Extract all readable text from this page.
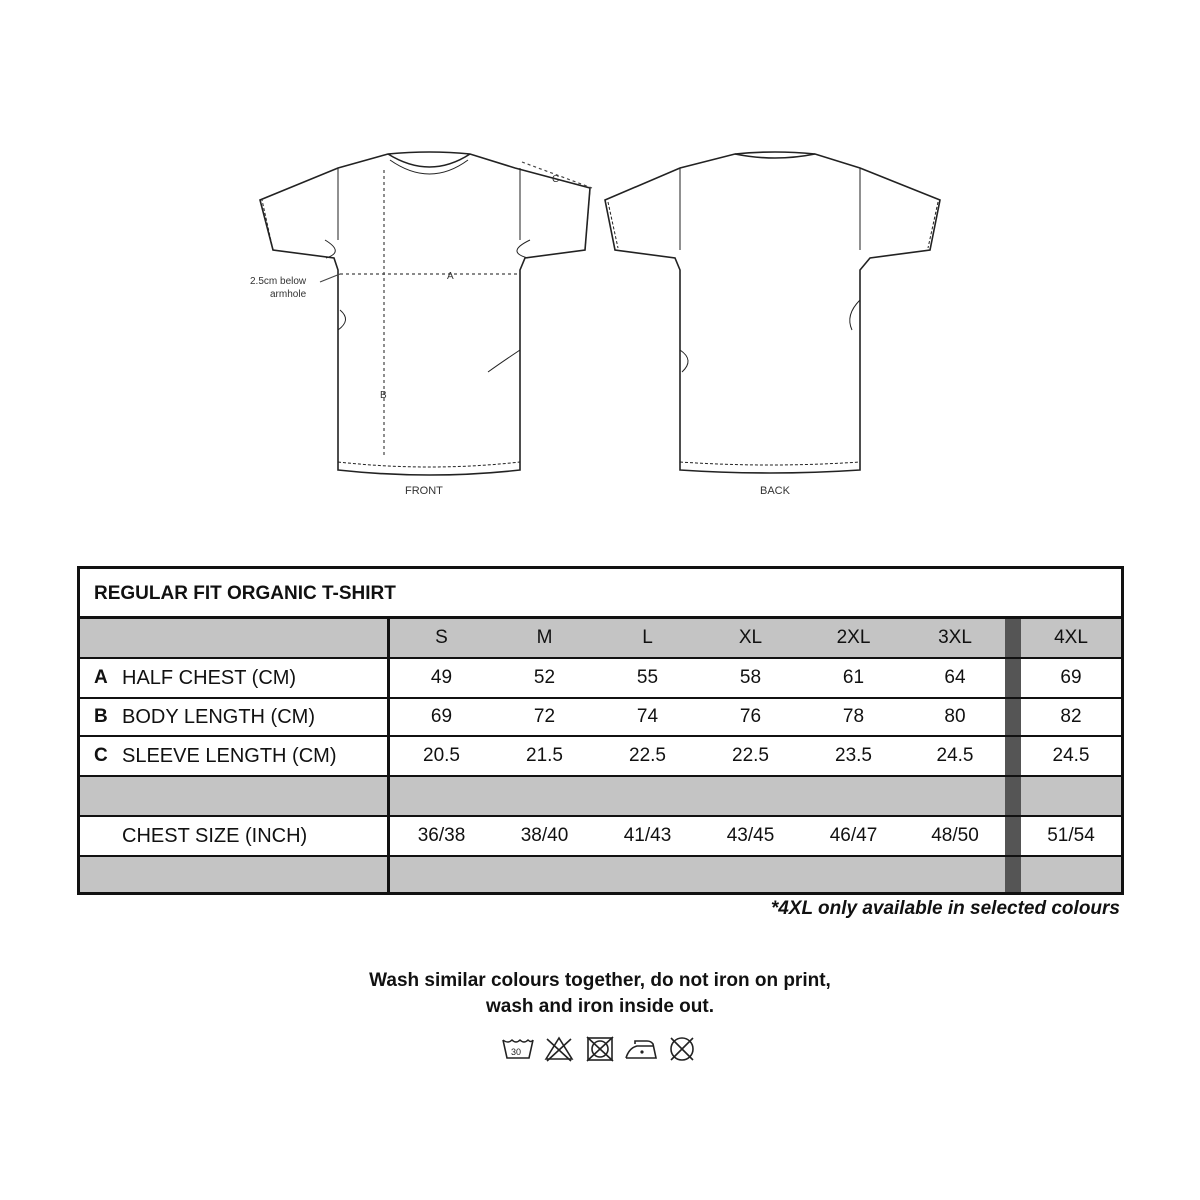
A
B
C
2.5cm below
armhole
FRONT	BACK
REGULAR FIT ORGANIC T-SHIRT
S	M	L	XL	2XL	3XL	4XL
A HALF CHEST (CM)	49	52	55	58	61	64	69
B BODY LENGTH (CM)	69	72	74	76	78	80	82
C SLEEVE LENGTH (CM)	20.5	21.5	22.5	22.5	23.5	24.5	24.5
CHEST SIZE (INCH)	36/38	38/40	41/43	43/45	46/47	48/50	51/54
*4XL only available in selected colours
Wash similar colours together, do not iron on print,
wash and iron inside out.
30
